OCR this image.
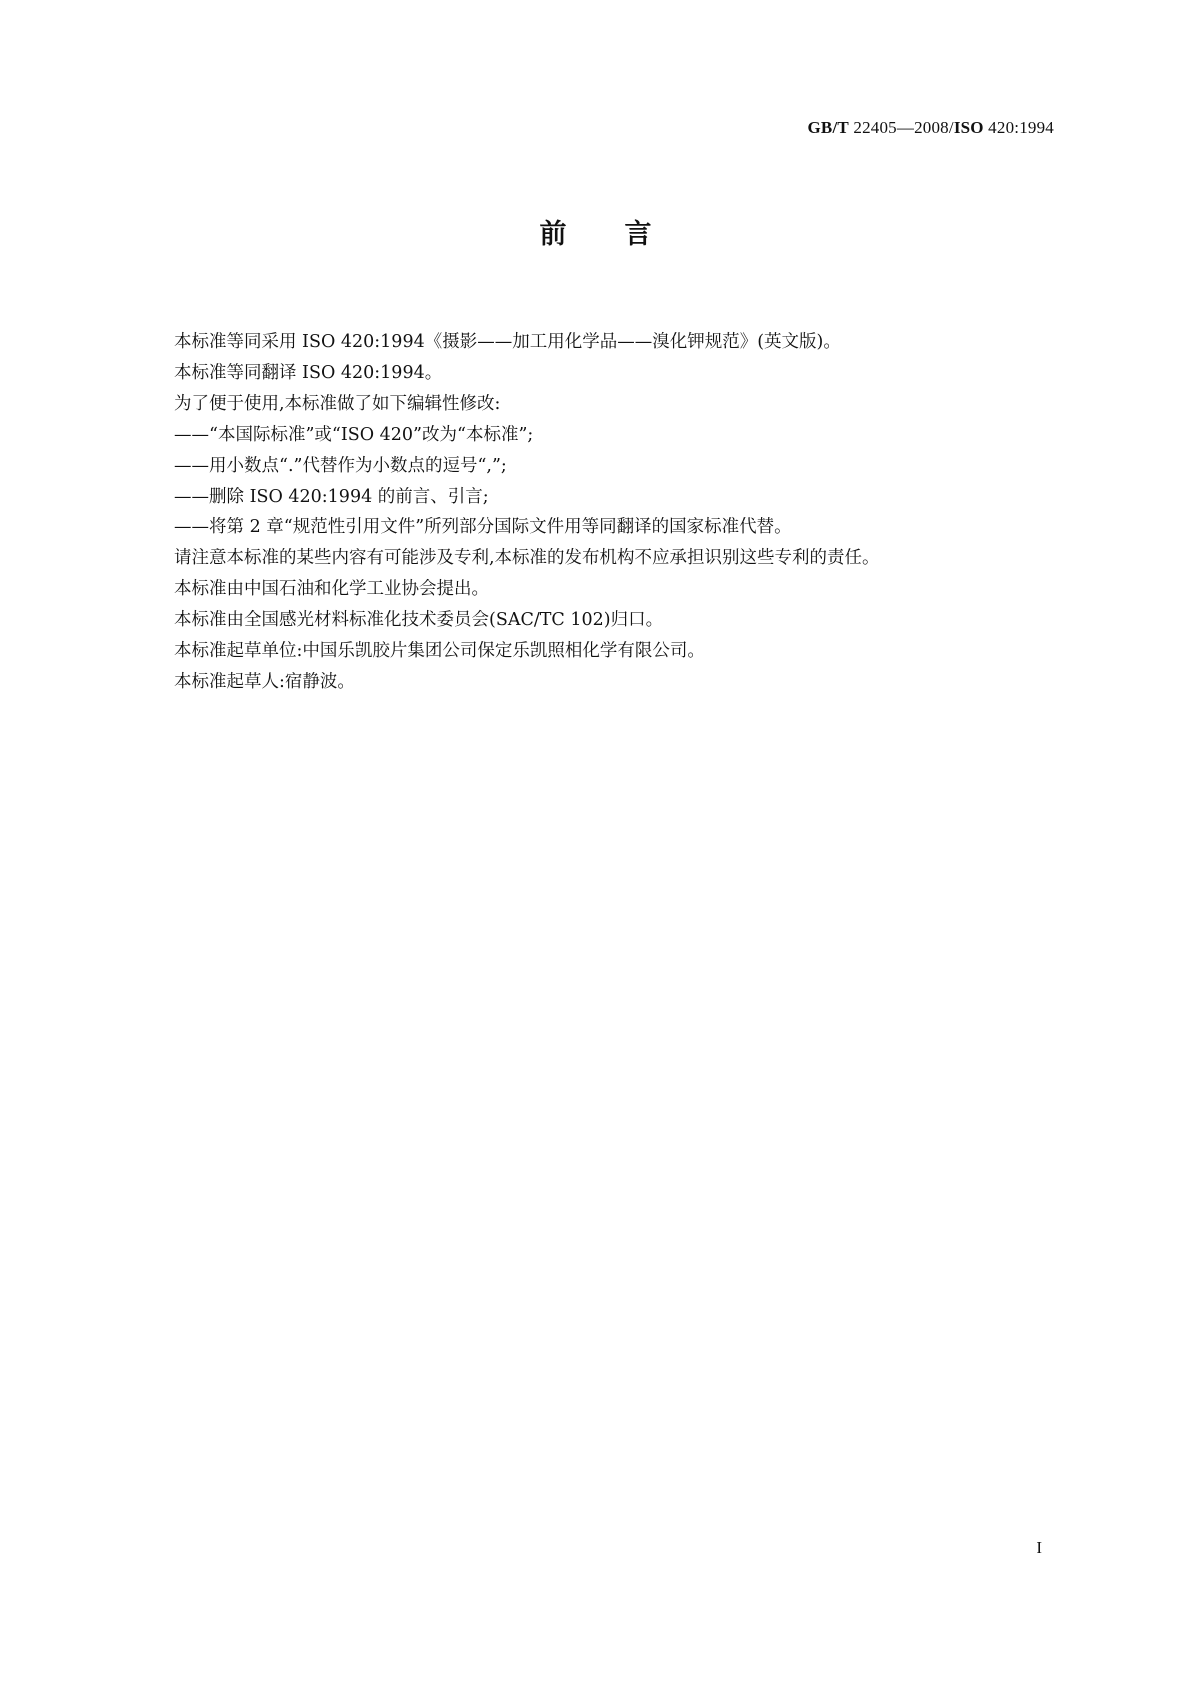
GB/T 22405—2008/ISO 420:1994
前言

本标准等同采用 ISO 420:1994《摄影——加工用化学品——溴化钾规范》(英文版)。

本标准等同翻译 ISO 420:1994。

为了便于使用,本标准做了如下编辑性修改:

——“本国际标准”或“ISO 420”改为“本标准”;

——用小数点“.”代替作为小数点的逗号“,”;

——删除 ISO 420:1994 的前言、引言;

——将第 2 章“规范性引用文件”所列部分国际文件用等同翻译的国家标准代替。

请注意本标准的某些内容有可能涉及专利,本标准的发布机构不应承担识别这些专利的责任。

本标准由中国石油和化学工业协会提出。

本标准由全国感光材料标准化技术委员会(SAC/TC 102)归口。

本标准起草单位:中国乐凯胶片集团公司保定乐凯照相化学有限公司。

本标准起草人:宿静波。

I
